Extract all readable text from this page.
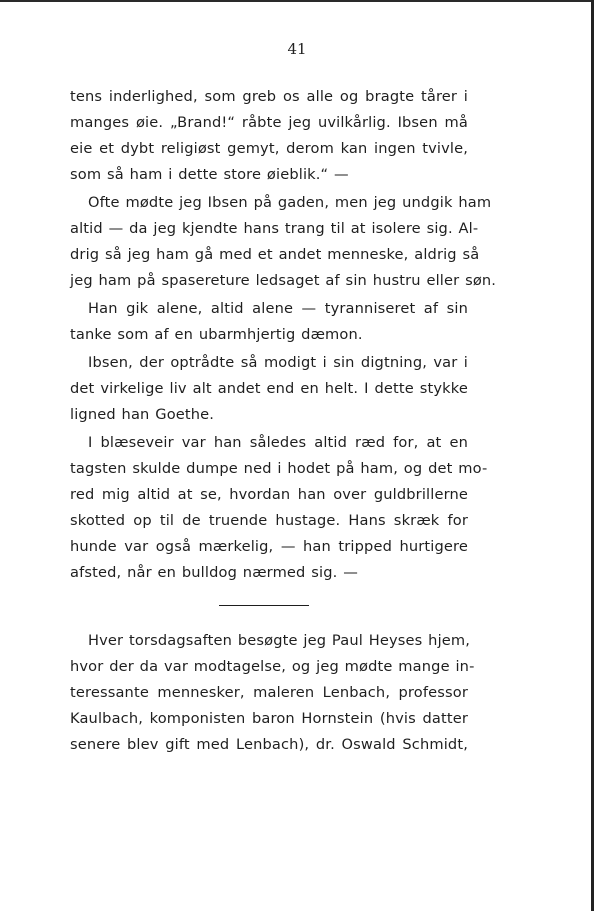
41
tens inderlighed, som greb os alle og bragte tårer i
manges øie. „Brand!“ råbte jeg uvilkårlig. Ibsen må
eie et dybt religiøst gemyt, derom kan ingen tvivle,
som så ham i dette store øieblik.“ —
Ofte mødte jeg Ibsen på gaden, men jeg undgik ham
altid — da jeg kjendte hans trang til at isolere sig. Al-
drig så jeg ham gå med et andet menneske, aldrig så
jeg ham på spasereture ledsaget af sin hustru eller søn.
Han gik alene, altid alene — tyranniseret af sin
tanke som af en ubarmhjertig dæmon.
Ibsen, der optrådte så modigt i sin digtning, var i
det virkelige liv alt andet end en helt. I dette stykke
ligned han Goethe.
I blæseveir var han således altid ræd for, at en
tagsten skulde dumpe ned i hodet på ham, og det mo-
red mig altid at se, hvordan han over guldbrillerne
skotted op til de truende hustage. Hans skræk for
hunde var også mærkelig, — han tripped hurtigere
afsted, når en bulldog nærmed sig. —
Hver torsdagsaften besøgte jeg Paul Heyses hjem,
hvor der da var modtagelse, og jeg mødte mange in-
teressante mennesker, maleren Lenbach, professor
Kaulbach, komponisten baron Hornstein (hvis datter
senere blev gift med Lenbach), dr. Oswald Schmidt,
